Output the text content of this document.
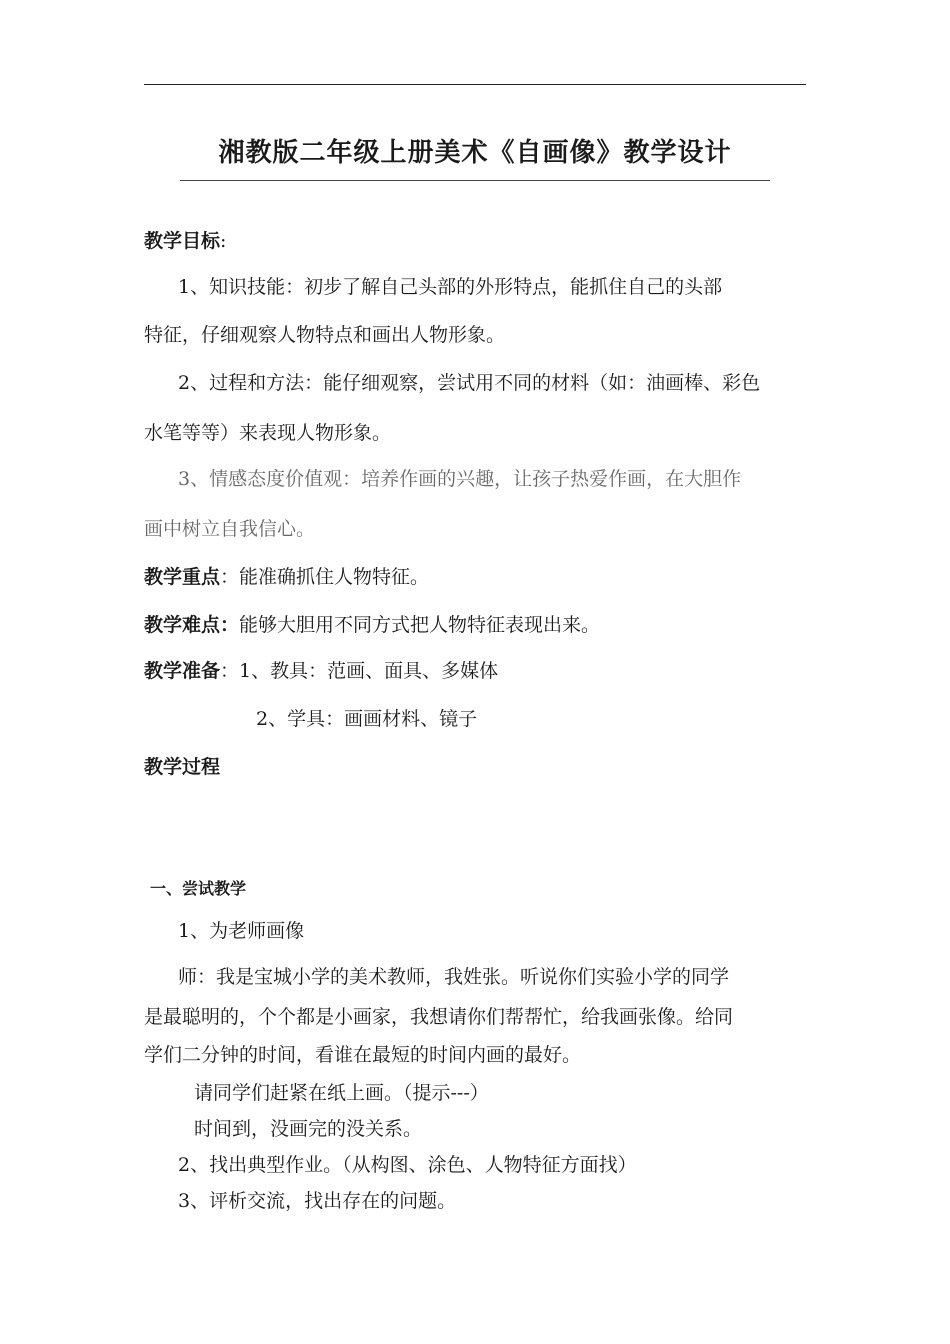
湘教版二年级上册美术《自画像》教学设计
教学目标:
1、知识技能：初步了解自己头部的外形特点，能抓住自己的头部
特征，仔细观察人物特点和画出人物形象。
2、过程和方法：能仔细观察，尝试用不同的材料（如：油画棒、彩色
水笔等等）来表现人物形象。
3、情感态度价值观：培养作画的兴趣，让孩子热爱作画，在大胆作
画中树立自我信心。
教学重点：能准确抓住人物特征。
教学难点：能够大胆用不同方式把人物特征表现出来。
教学准备：1、教具：范画、面具、多媒体
2、学具：画画材料、镜子
教学过程
一、尝试教学
1、为老师画像
师：我是宝城小学的美术教师，我姓张。听说你们实验小学的同学
是最聪明的，个个都是小画家，我想请你们帮帮忙，给我画张像。给同
学们二分钟的时间，看谁在最短的时间内画的最好。
请同学们赶紧在纸上画。（提示---）
时间到，没画完的没关系。
2、找出典型作业。（从构图、涂色、人物特征方面找）
3、评析交流，找出存在的问题。
